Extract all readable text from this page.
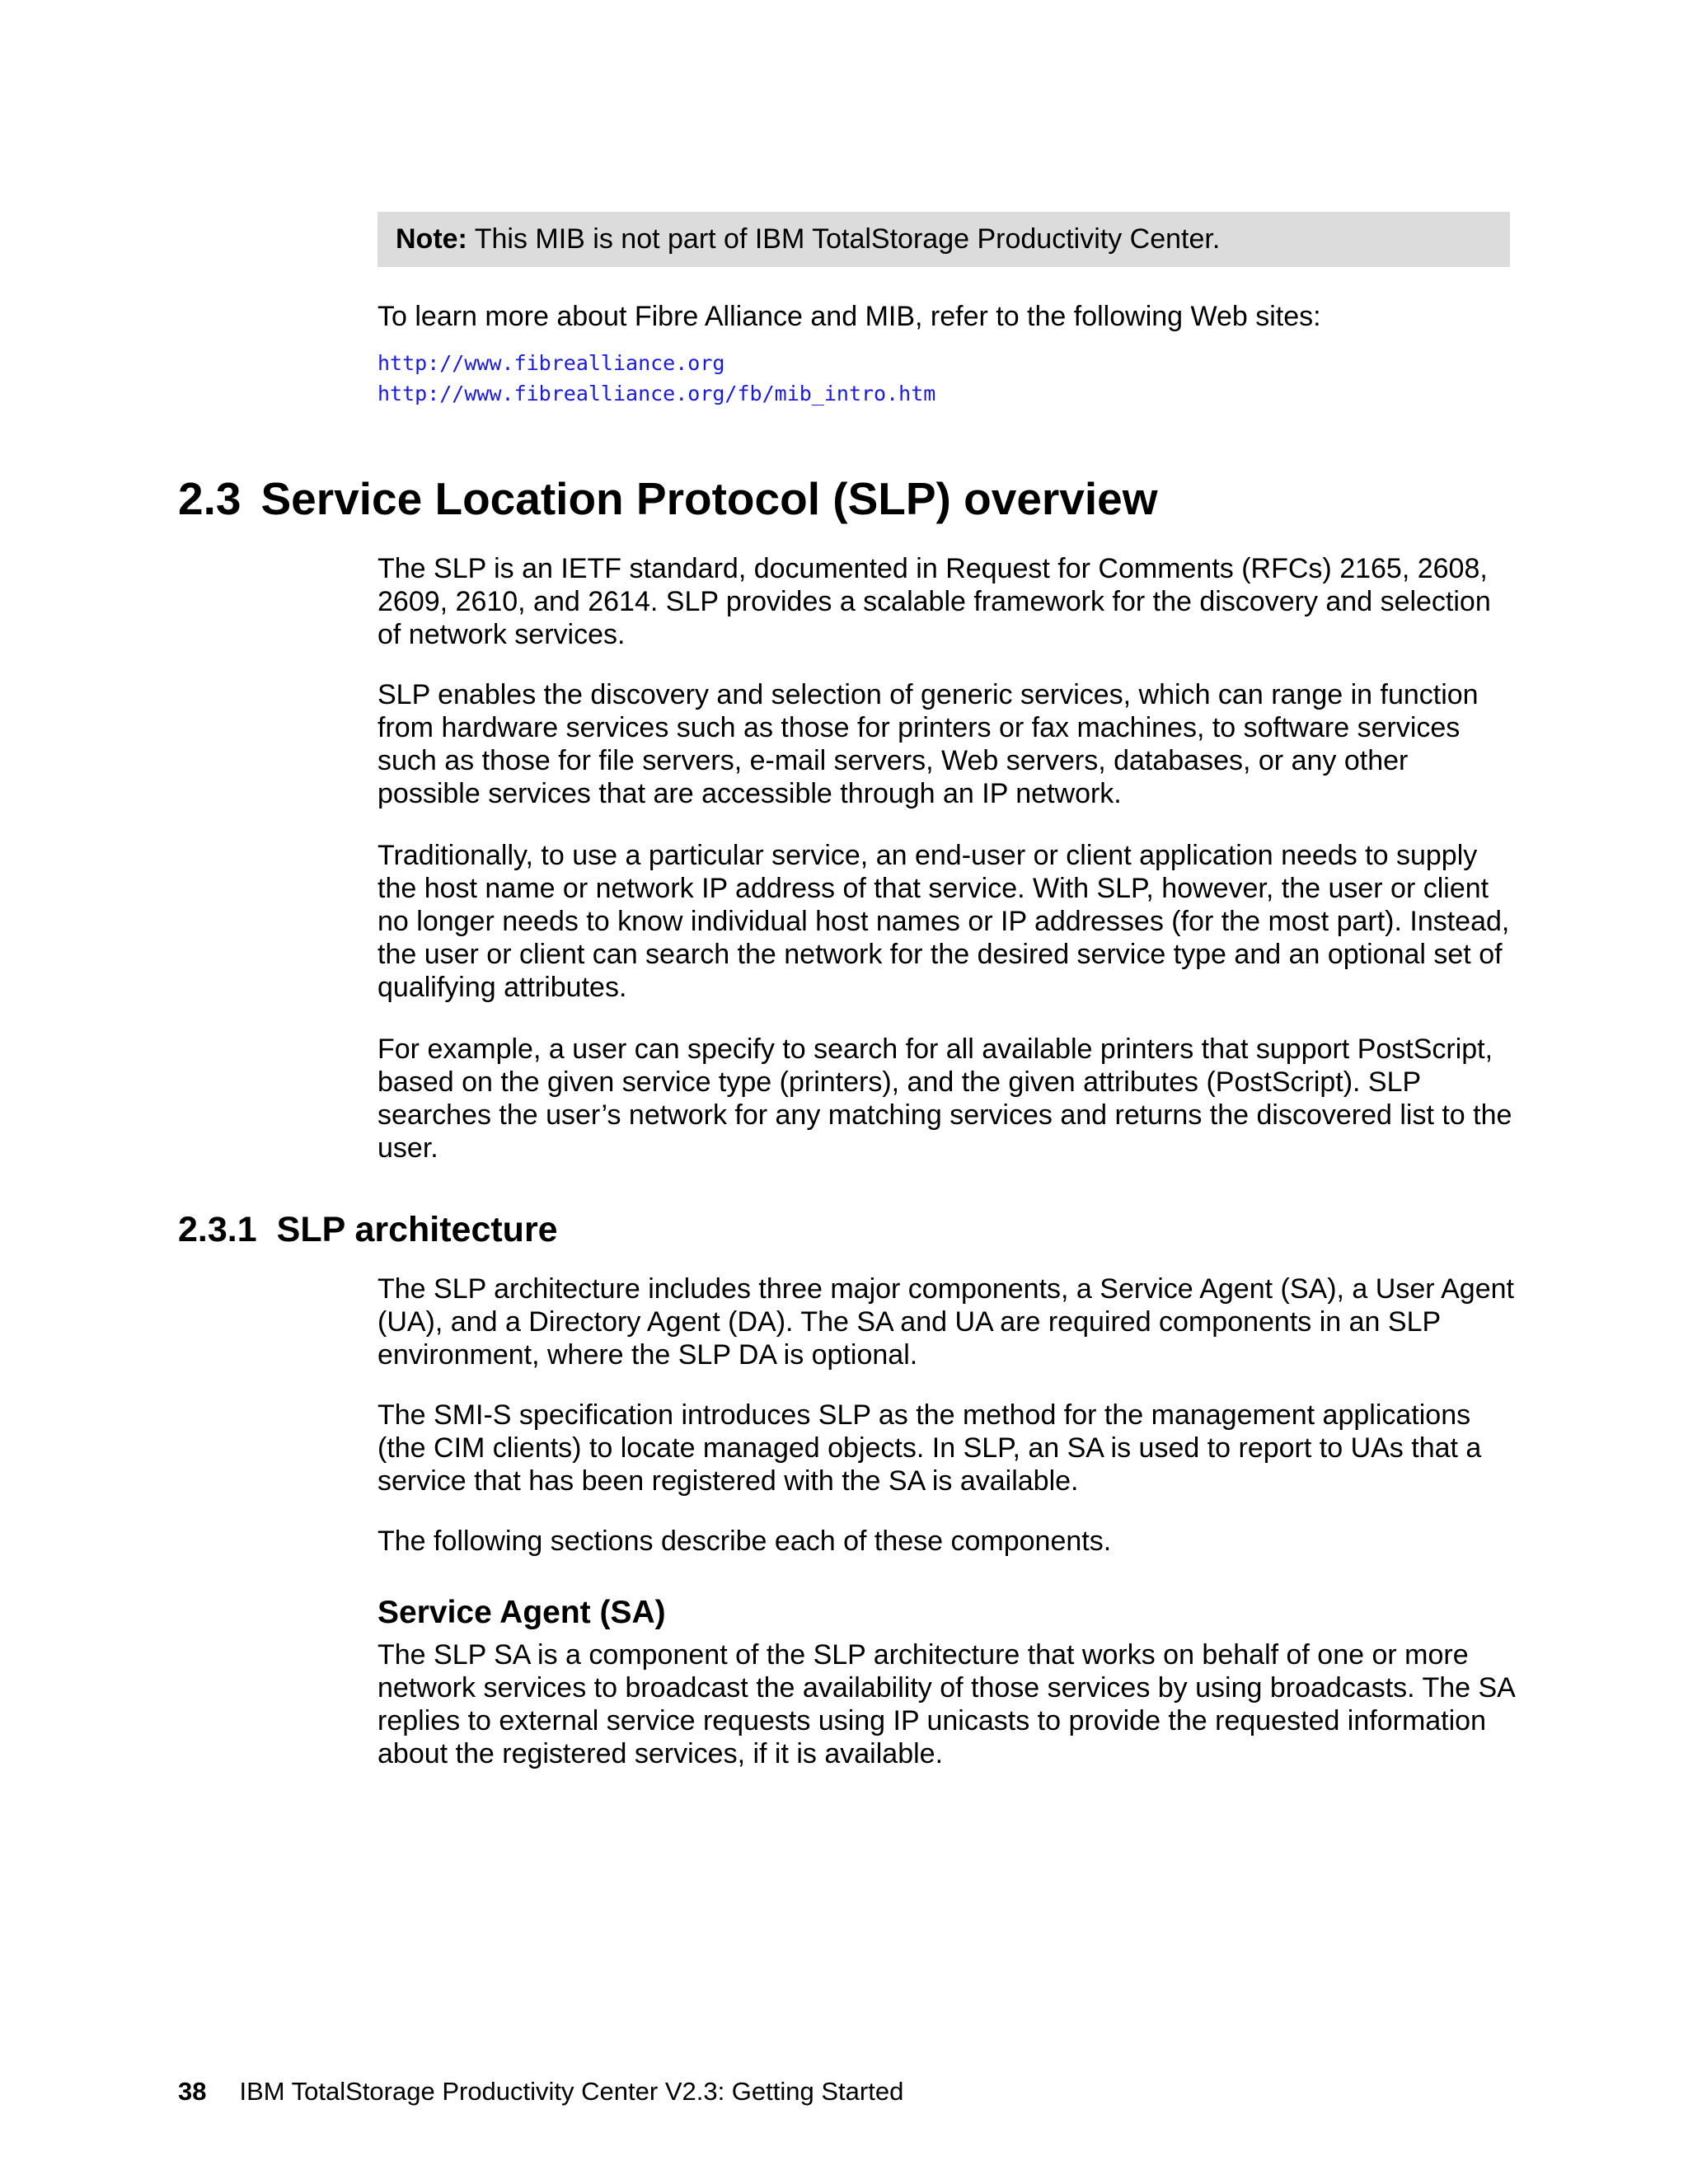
Note: This MIB is not part of IBM TotalStorage Productivity Center.

To learn more about Fibre Alliance and MIB, refer to the following Web sites:

http://www.fibrealliance.org
http://www.fibrealliance.org/fb/mib_intro.htm
2.3 Service Location Protocol (SLP) overview

The SLP is an IETF standard, documented in Request for Comments (RFCs) 2165, 2608, 2609, 2610, and 2614. SLP provides a scalable framework for the discovery and selection of network services.

SLP enables the discovery and selection of generic services, which can range in function from hardware services such as those for printers or fax machines, to software services such as those for file servers, e-mail servers, Web servers, databases, or any other possible services that are accessible through an IP network.

Traditionally, to use a particular service, an end-user or client application needs to supply the host name or network IP address of that service. With SLP, however, the user or client no longer needs to know individual host names or IP addresses (for the most part). Instead, the user or client can search the network for the desired service type and an optional set of qualifying attributes.

For example, a user can specify to search for all available printers that support PostScript, based on the given service type (printers), and the given attributes (PostScript). SLP searches the user’s network for any matching services and returns the discovered list to the user.

2.3.1 SLP architecture

The SLP architecture includes three major components, a Service Agent (SA), a User Agent (UA), and a Directory Agent (DA). The SA and UA are required components in an SLP environment, where the SLP DA is optional.

The SMI-S specification introduces SLP as the method for the management applications (the CIM clients) to locate managed objects. In SLP, an SA is used to report to UAs that a service that has been registered with the SA is available.

The following sections describe each of these components.

Service Agent (SA)

The SLP SA is a component of the SLP architecture that works on behalf of one or more network services to broadcast the availability of those services by using broadcasts. The SA replies to external service requests using IP unicasts to provide the requested information about the registered services, if it is available.

38 IBM TotalStorage Productivity Center V2.3: Getting Started
